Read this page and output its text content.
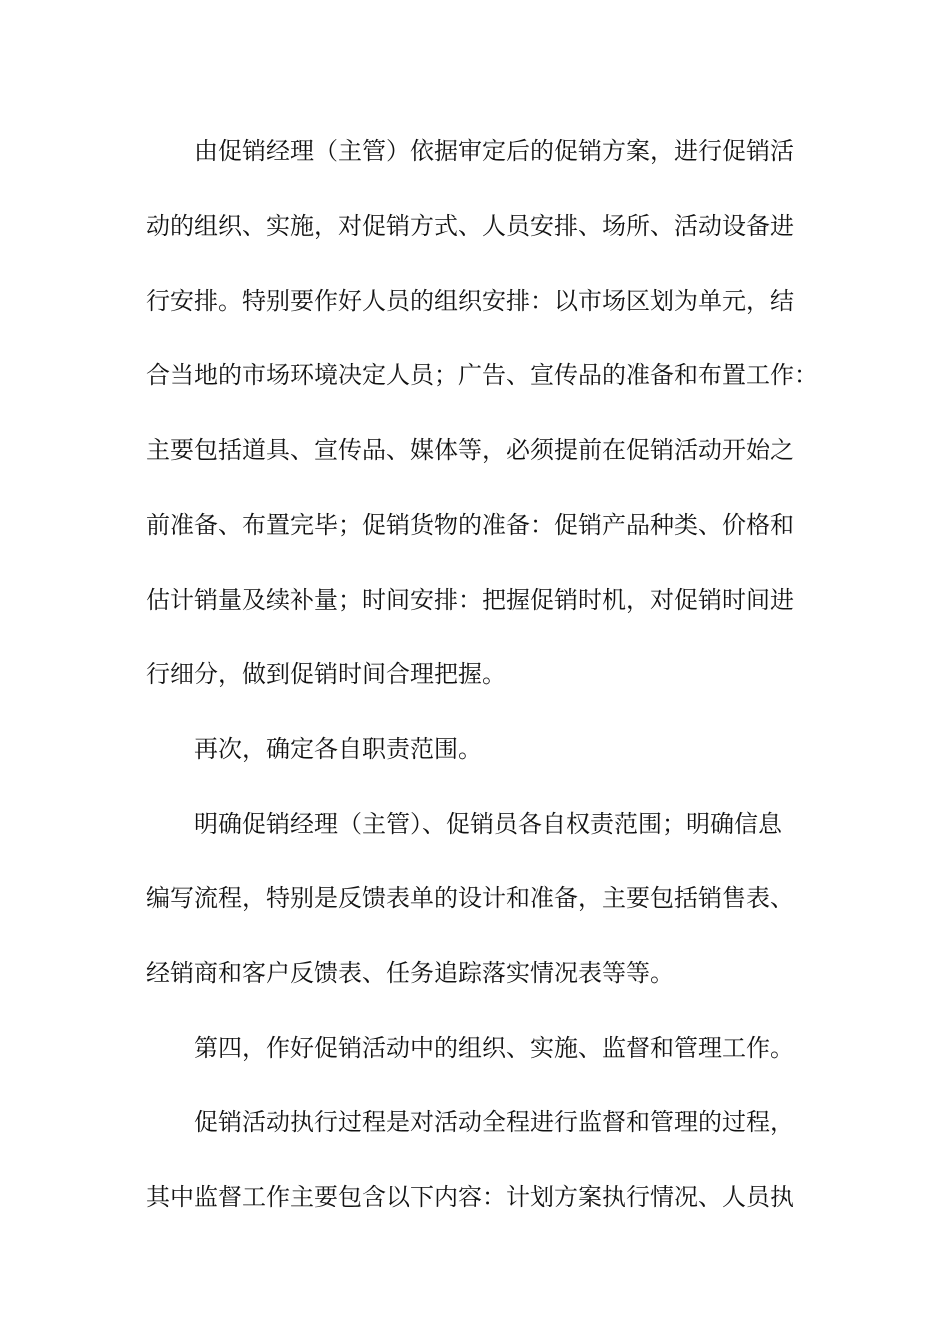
由促销经理（主管）依据审定后的促销方案，进行促销活
动的组织、实施，对促销方式、人员安排、场所、活动设备进
行安排。特别要作好人员的组织安排：以市场区划为单元，结
合当地的市场环境决定人员；广告、宣传品的准备和布置工作：
主要包括道具、宣传品、媒体等，必须提前在促销活动开始之
前准备、布置完毕；促销货物的准备：促销产品种类、价格和
估计销量及续补量；时间安排：把握促销时机，对促销时间进
行细分，做到促销时间合理把握。
再次，确定各自职责范围。
明确促销经理（主管）、促销员各自权责范围；明确信息
编写流程，特别是反馈表单的设计和准备，主要包括销售表、
经销商和客户反馈表、任务追踪落实情况表等等。
第四，作好促销活动中的组织、实施、监督和管理工作。
促销活动执行过程是对活动全程进行监督和管理的过程，
其中监督工作主要包含以下内容：计划方案执行情况、人员执
